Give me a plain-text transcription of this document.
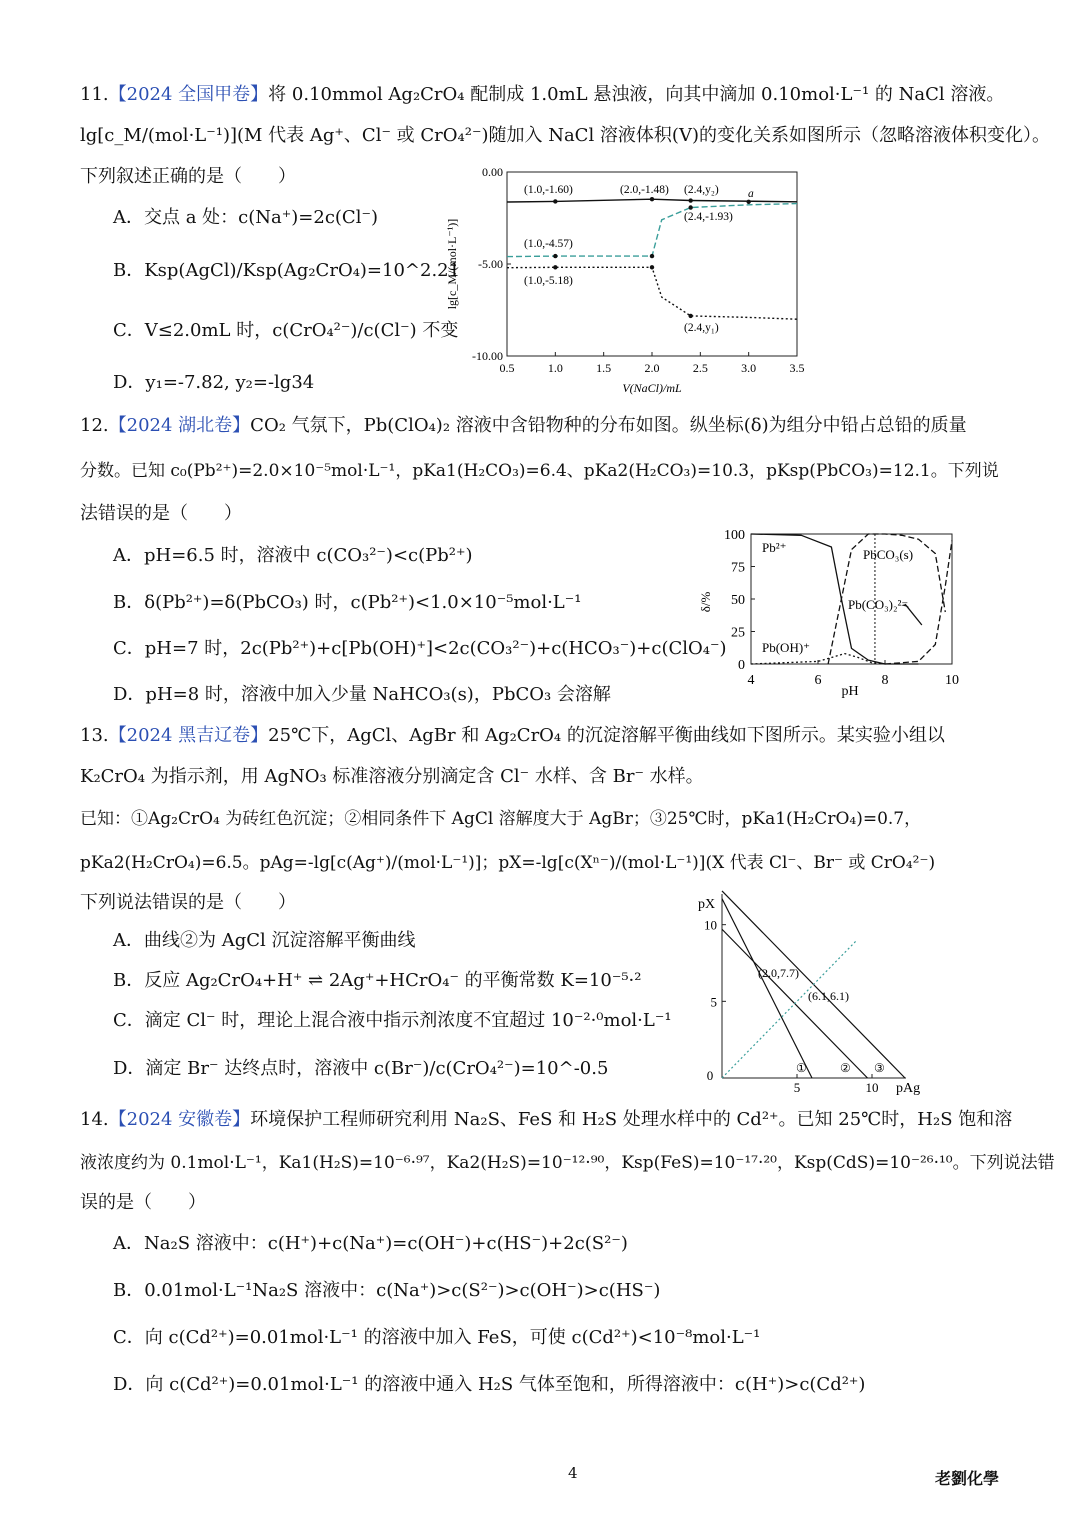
11.【2024 全国甲卷】将 0.10mmol Ag₂CrO₄ 配制成 1.0mL 悬浊液，向其中滴加 0.10mol·L⁻¹ 的 NaCl 溶液。
lg[c_M/(mol·L⁻¹)](M 代表 Ag⁺、Cl⁻ 或 CrO₄²⁻)随加入 NaCl 溶液体积(V)的变化关系如图所示（忽略溶液体积变化）。
下列叙述正确的是（　　）
A．交点 a 处：c(Na⁺)=2c(Cl⁻)
B．Ksp(AgCl)/Ksp(Ag₂CrO₄)=10^2.21
C．V≤2.0mL 时，c(CrO₄²⁻)/c(Cl⁻) 不变
D．y₁=-7.82, y₂=-lg34
0.5	1.0	1.5	2.0	2.5	3.0	3.5
0.00
-5.00
-10.00
lg[c_M/(mol·L⁻¹)]
V(NaCl)/mL
(1.0,-1.60)	(2.0,-1.48) (2.4,y₂)	a
(2.4,-1.93)
(1.0,-4.57)
(1.0,-5.18)
(2.4,y₁)
12.【2024 湖北卷】CO₂ 气氛下，Pb(ClO₄)₂ 溶液中含铅物种的分布如图。纵坐标(δ)为组分中铅占总铅的质量
分数。已知 c₀(Pb²⁺)=2.0×10⁻⁵mol·L⁻¹，pKa1(H₂CO₃)=6.4、pKa2(H₂CO₃)=10.3，pKsp(PbCO₃)=12.1。下列说
法错误的是（　　）
A．pH=6.5 时，溶液中 c(CO₃²⁻)<c(Pb²⁺)
B．δ(Pb²⁺)=δ(PbCO₃) 时，c(Pb²⁺)<1.0×10⁻⁵mol·L⁻¹
C．pH=7 时，2c(Pb²⁺)+c[Pb(OH)⁺]<2c(CO₃²⁻)+c(HCO₃⁻)+c(ClO₄⁻)
D．pH=8 时，溶液中加入少量 NaHCO₃(s)，PbCO₃ 会溶解
4	6	8	10
0
25
50
75
100
δ/%
pH
Pb²⁺	PbCO₃(s)
Pb(CO₃)₂²⁻
Pb(OH)⁺
13.【2024 黑吉辽卷】25℃下，AgCl、AgBr 和 Ag₂CrO₄ 的沉淀溶解平衡曲线如下图所示。某实验小组以
K₂CrO₄ 为指示剂，用 AgNO₃ 标准溶液分别滴定含 Cl⁻ 水样、含 Br⁻ 水样。
已知：①Ag₂CrO₄ 为砖红色沉淀；②相同条件下 AgCl 溶解度大于 AgBr；③25℃时，pKa1(H₂CrO₄)=0.7，
pKa2(H₂CrO₄)=6.5。pAg=-lg[c(Ag⁺)/(mol·L⁻¹)]；pX=-lg[c(Xⁿ⁻)/(mol·L⁻¹)](X 代表 Cl⁻、Br⁻ 或 CrO₄²⁻)
下列说法错误的是（　　）
A．曲线②为 AgCl 沉淀溶解平衡曲线
B．反应 Ag₂CrO₄+H⁺ ⇌ 2Ag⁺+HCrO₄⁻ 的平衡常数 K=10⁻⁵·²
C．滴定 Cl⁻ 时，理论上混合液中指示剂浓度不宜超过 10⁻²·⁰mol·L⁻¹
D．滴定 Br⁻ 达终点时，溶液中 c(Br⁻)/c(CrO₄²⁻)=10^-0.5	0
5	10
5
10
pX
pAg
(2.0,7.7)
(6.1,6.1)
①	② ③
14.【2024 安徽卷】环境保护工程师研究利用 Na₂S、FeS 和 H₂S 处理水样中的 Cd²⁺。已知 25℃时，H₂S 饱和溶
液浓度约为 0.1mol·L⁻¹，Ka1(H₂S)=10⁻⁶·⁹⁷，Ka2(H₂S)=10⁻¹²·⁹⁰，Ksp(FeS)=10⁻¹⁷·²⁰，Ksp(CdS)=10⁻²⁶·¹⁰。下列说法错
误的是（　　）
A．Na₂S 溶液中：c(H⁺)+c(Na⁺)=c(OH⁻)+c(HS⁻)+2c(S²⁻)
B．0.01mol·L⁻¹Na₂S 溶液中：c(Na⁺)>c(S²⁻)>c(OH⁻)>c(HS⁻)
C．向 c(Cd²⁺)=0.01mol·L⁻¹ 的溶液中加入 FeS，可使 c(Cd²⁺)<10⁻⁸mol·L⁻¹
D．向 c(Cd²⁺)=0.01mol·L⁻¹ 的溶液中通入 H₂S 气体至饱和，所得溶液中：c(H⁺)>c(Cd²⁺)
4	老劉化學
